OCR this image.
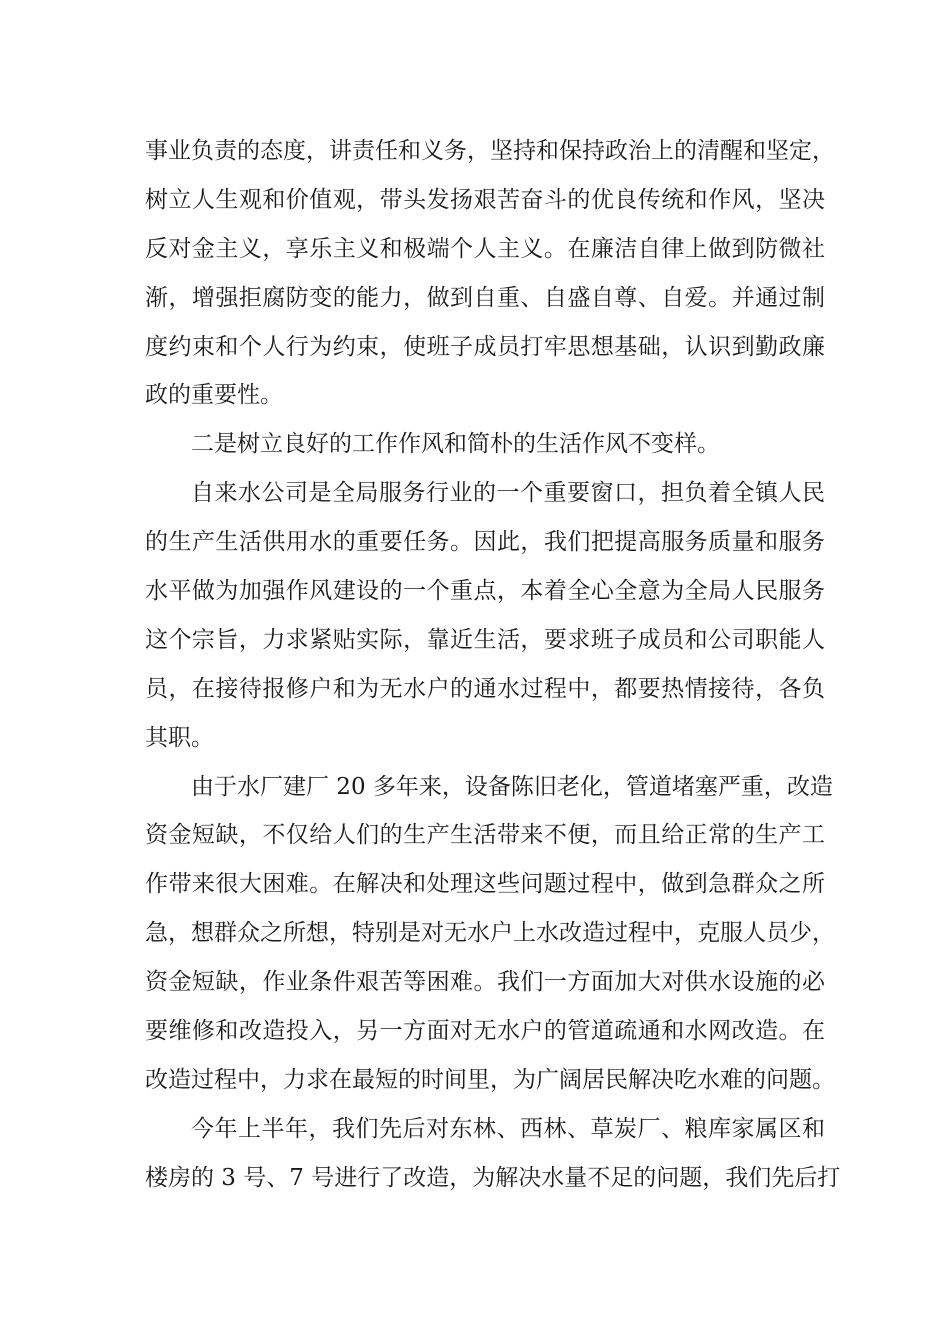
事业负责的态度，讲责任和义务，坚持和保持政治上的清醒和坚定，
树立人生观和价值观，带头发扬艰苦奋斗的优良传统和作风，坚决
反对金主义，享乐主义和极端个人主义。在廉洁自律上做到防微社
渐，增强拒腐防变的能力，做到自重、自盛自尊、自爱。并通过制
度约束和个人行为约束，使班子成员打牢思想基础，认识到勤政廉
政的重要性。
二是树立良好的工作作风和简朴的生活作风不变样。
自来水公司是全局服务行业的一个重要窗口，担负着全镇人民
的生产生活供用水的重要任务。因此，我们把提高服务质量和服务
水平做为加强作风建设的一个重点，本着全心全意为全局人民服务
这个宗旨，力求紧贴实际，靠近生活，要求班子成员和公司职能人
员，在接待报修户和为无水户的通水过程中，都要热情接待，各负
其职。
由于水厂建厂 20 多年来，设备陈旧老化，管道堵塞严重，改造
资金短缺，不仅给人们的生产生活带来不便，而且给正常的生产工
作带来很大困难。在解决和处理这些问题过程中，做到急群众之所
急，想群众之所想，特别是对无水户上水改造过程中，克服人员少，
资金短缺，作业条件艰苦等困难。我们一方面加大对供水设施的必
要维修和改造投入，另一方面对无水户的管道疏通和水网改造。在
改造过程中，力求在最短的时间里，为广阔居民解决吃水难的问题。
今年上半年，我们先后对东林、西林、草炭厂、粮库家属区和
楼房的 3 号、7 号进行了改造，为解决水量不足的问题，我们先后打
